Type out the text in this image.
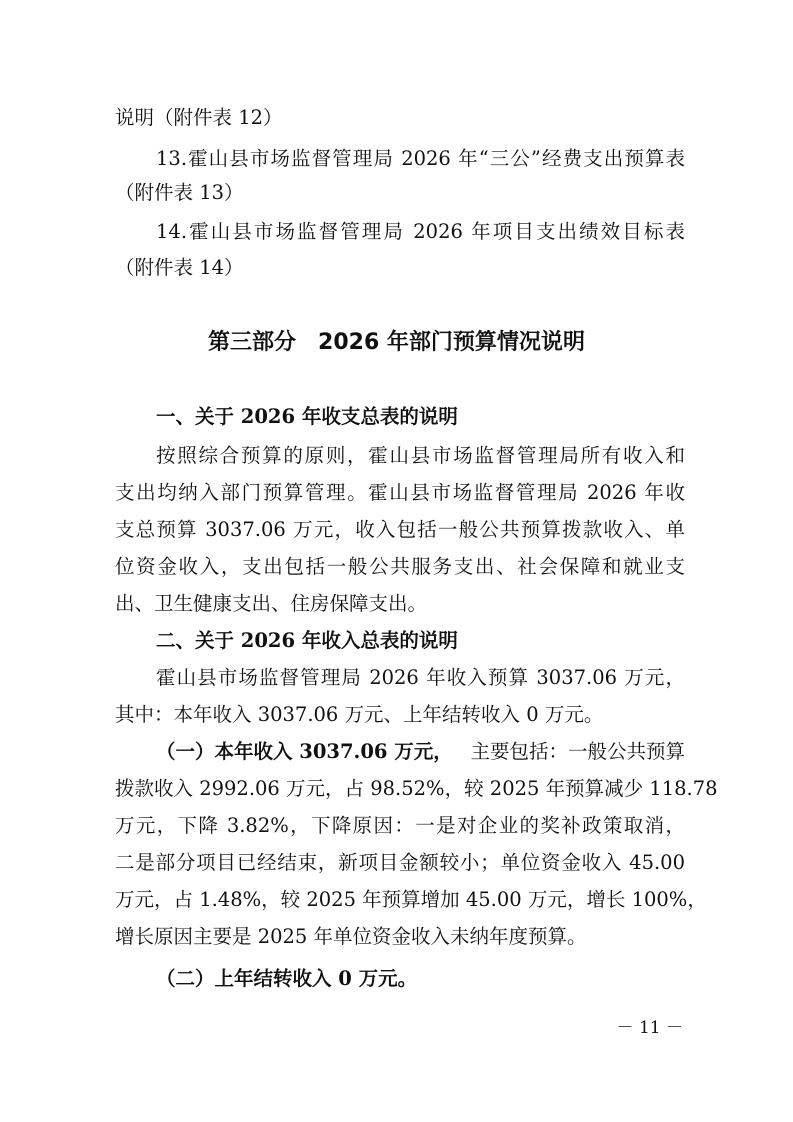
说明（附件表 12）
13.霍山县市场监督管理局 2026 年“三公”经费支出预算表
（附件表 13）
14.霍山县市场监督管理局 2026 年项目支出绩效目标表
（附件表 14）
第三部分　2026 年部门预算情况说明
一、关于 2026 年收支总表的说明
按照综合预算的原则，霍山县市场监督管理局所有收入和
支出均纳入部门预算管理。霍山县市场监督管理局 2026 年收
支总预算 3037.06 万元，收入包括一般公共预算拨款收入、单
位资金收入，支出包括一般公共服务支出、社会保障和就业支
出、卫生健康支出、住房保障支出。
二、关于 2026 年收入总表的说明
霍山县市场监督管理局 2026 年收入预算 3037.06 万元，
其中：本年收入 3037.06 万元、上年结转收入 0 万元。
（一）本年收入 3037.06 万元， 主要包括：一般公共预算
拨款收入 2992.06 万元，占 98.52%，较 2025 年预算减少 118.78
万元，下降 3.82%，下降原因：一是对企业的奖补政策取消，
二是部分项目已经结束，新项目金额较小；单位资金收入 45.00
万元，占 1.48%，较 2025 年预算增加 45.00 万元，增长 100%，
增长原因主要是 2025 年单位资金收入未纳年度预算。
（二）上年结转收入 0 万元。
－ 11 －
